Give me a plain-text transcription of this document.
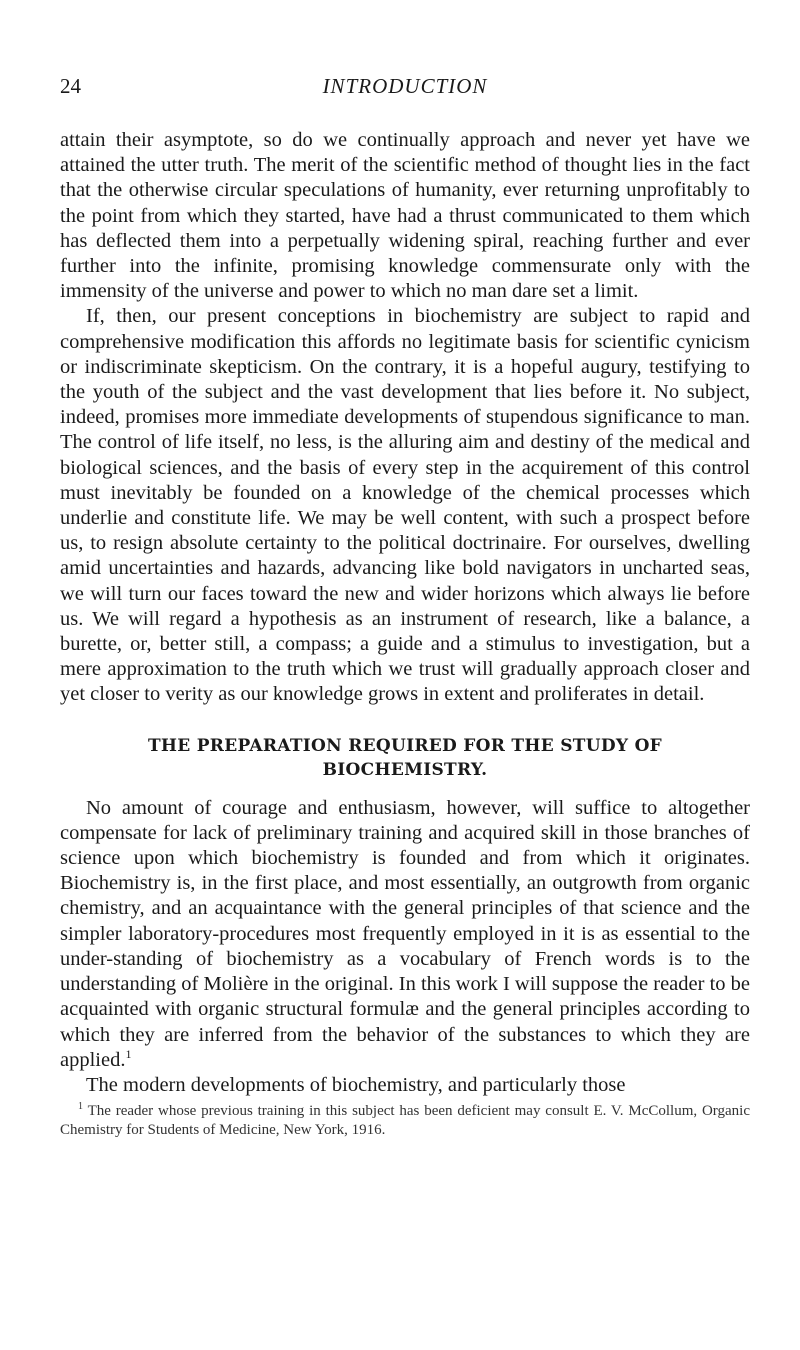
24	INTRODUCTION

attain their asymptote, so do we continually approach and never yet have we attained the utter truth. The merit of the scientific method of thought lies in the fact that the otherwise circular speculations of humanity, ever returning unprofitably to the point from which they started, have had a thrust communicated to them which has deflected them into a perpetually widening spiral, reaching further and ever further into the infinite, promising knowledge commensurate only with the immensity of the universe and power to which no man dare set a limit.

If, then, our present conceptions in biochemistry are subject to rapid and comprehensive modification this affords no legitimate basis for scientific cynicism or indiscriminate skepticism. On the contrary, it is a hopeful augury, testifying to the youth of the subject and the vast development that lies before it. No subject, indeed, promises more immediate developments of stupendous significance to man. The control of life itself, no less, is the alluring aim and destiny of the medical and biological sciences, and the basis of every step in the acquirement of this control must inevitably be founded on a knowledge of the chemical processes which underlie and constitute life. We may be well content, with such a prospect before us, to resign absolute certainty to the political doctrinaire. For ourselves, dwelling amid uncertainties and hazards, advancing like bold navigators in uncharted seas, we will turn our faces toward the new and wider horizons which always lie before us. We will regard a hypothesis as an instrument of research, like a balance, a burette, or, better still, a compass; a guide and a stimulus to investigation, but a mere approximation to the truth which we trust will gradually approach closer and yet closer to verity as our knowledge grows in extent and proliferates in detail.

THE PREPARATION REQUIRED FOR THE STUDY OF BIOCHEMISTRY.

No amount of courage and enthusiasm, however, will suffice to altogether compensate for lack of preliminary training and acquired skill in those branches of science upon which biochemistry is founded and from which it originates. Biochemistry is, in the first place, and most essentially, an outgrowth from organic chemistry, and an acquaintance with the general principles of that science and the simpler laboratory-procedures most frequently employed in it is as essential to the under-standing of biochemistry as a vocabulary of French words is to the understanding of Molière in the original. In this work I will suppose the reader to be acquainted with organic structural formulæ and the general principles according to which they are inferred from the behavior of the substances to which they are applied.$^1$

The modern developments of biochemistry, and particularly those

$^1$ The reader whose previous training in this subject has been deficient may consult E. V. McCollum, Organic Chemistry for Students of Medicine, New York, 1916.
